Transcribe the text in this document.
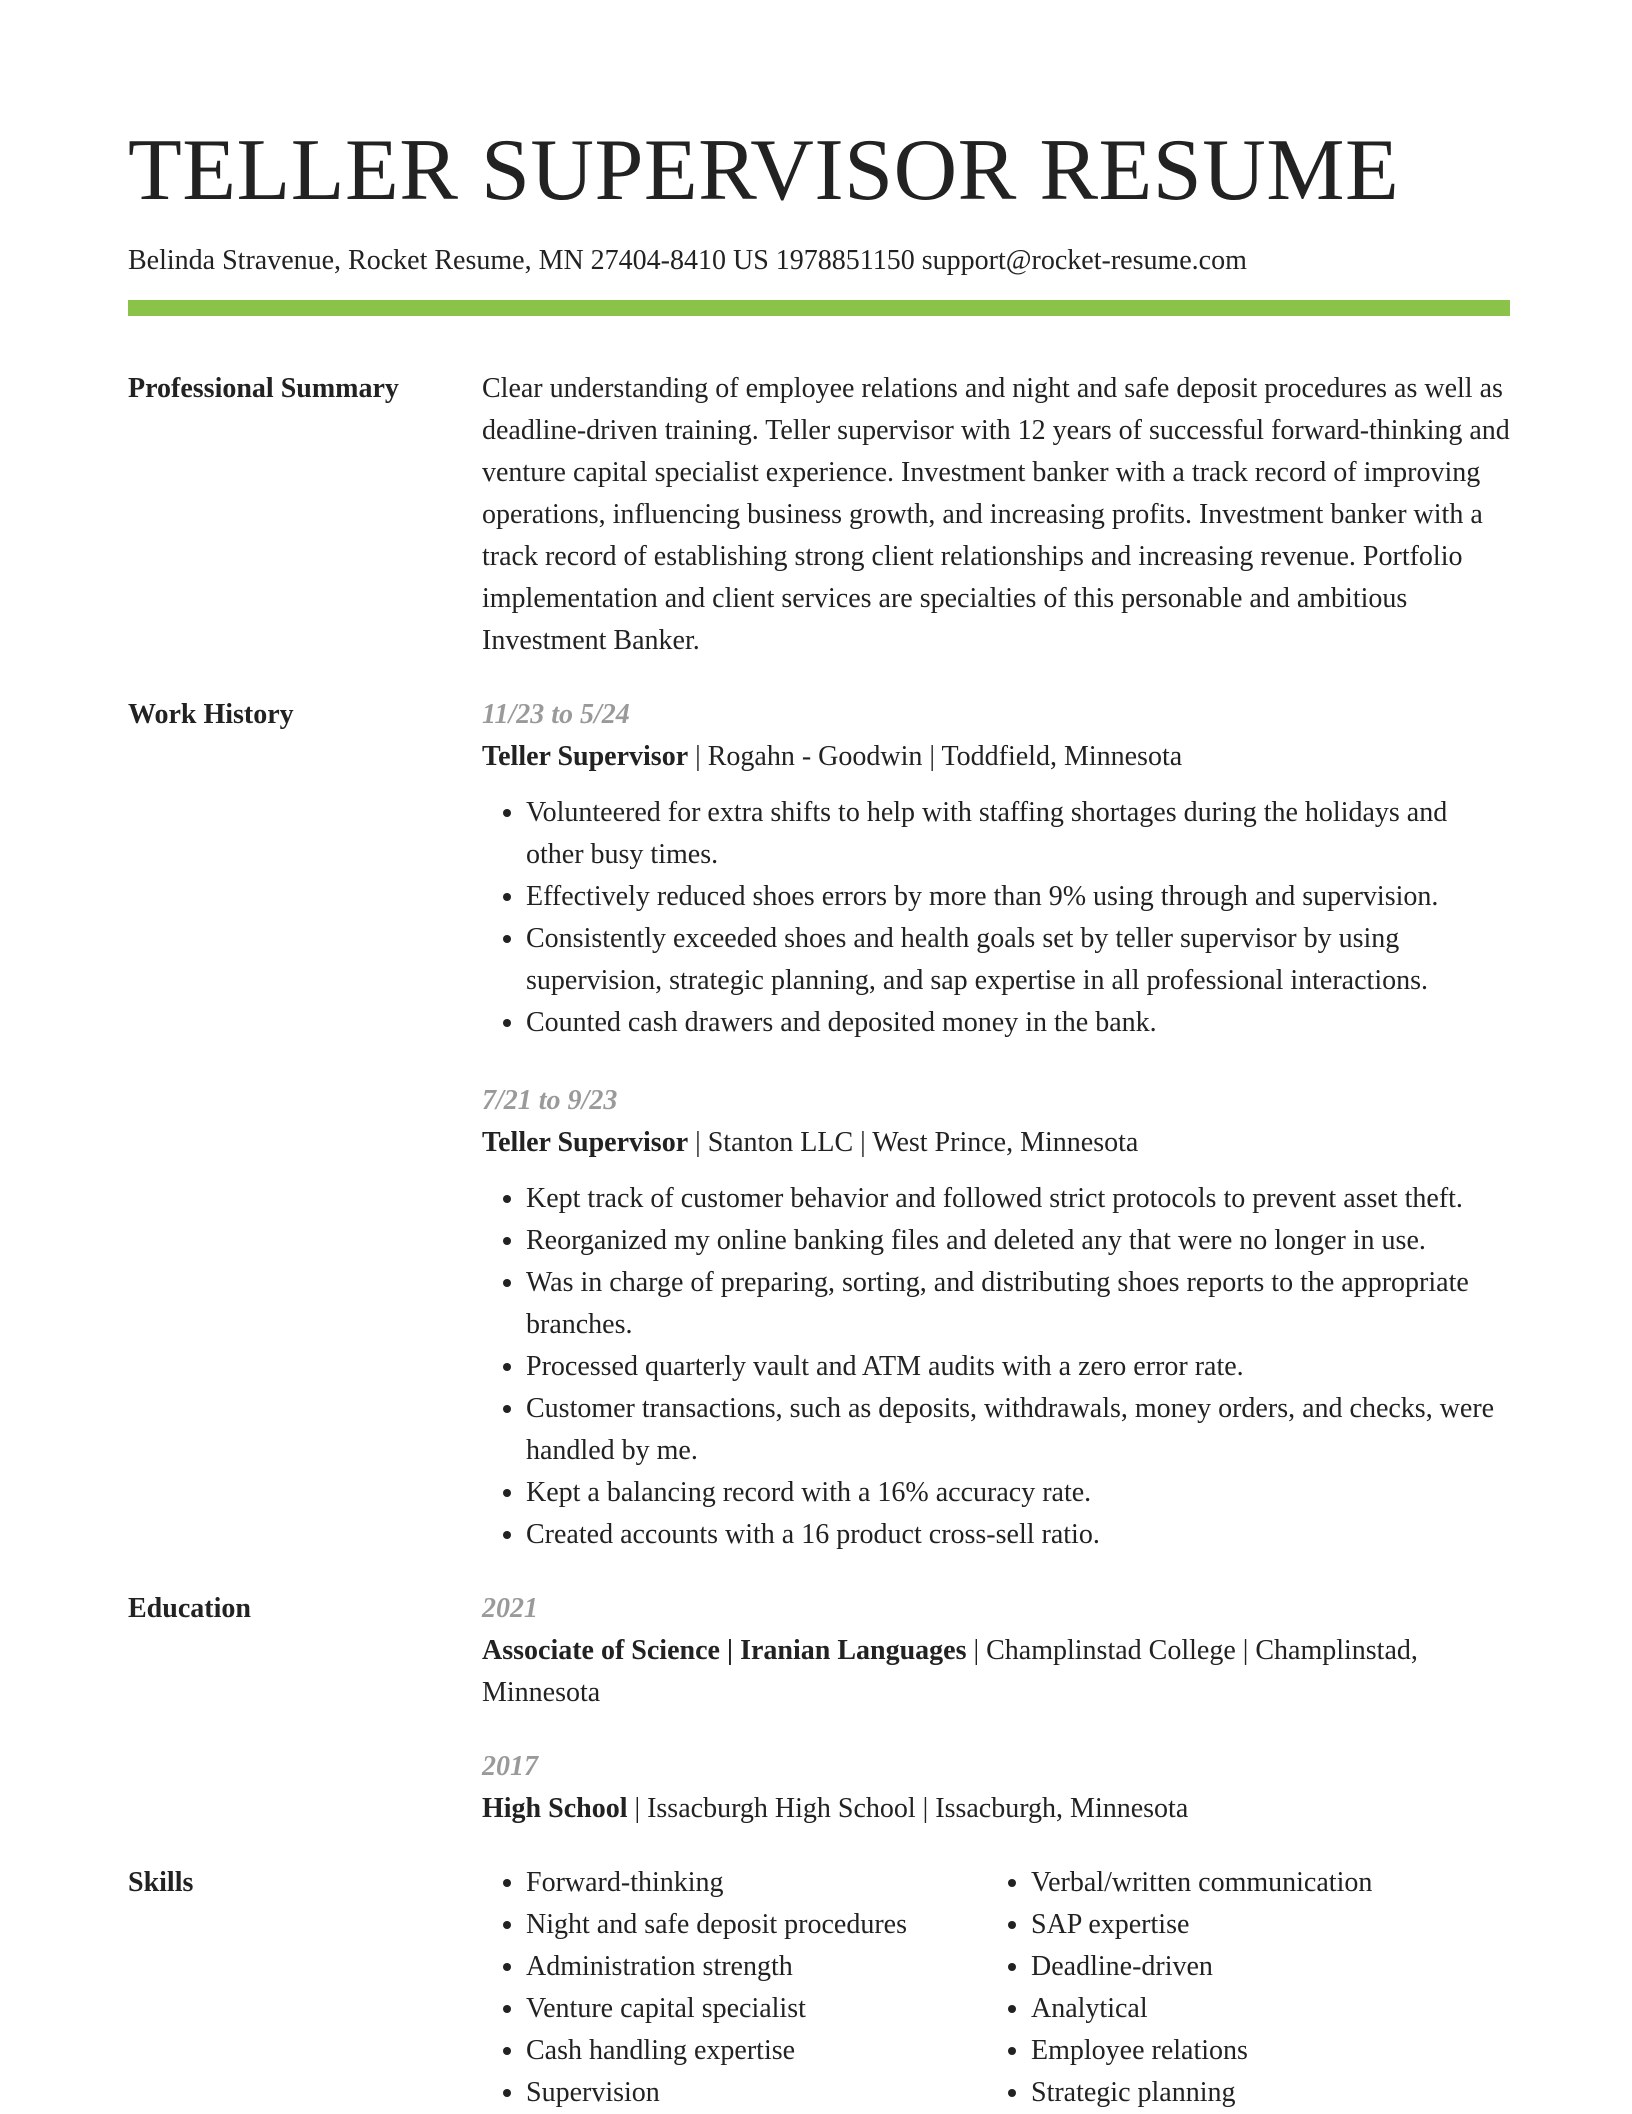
TELLER SUPERVISOR RESUME
Belinda Stravenue, Rocket Resume, MN 27404-8410 US 1978851150 support@rocket-resume.com
Professional Summary	Clear understanding of employee relations and night and safe deposit procedures as well as deadline-driven training. Teller supervisor with 12 years of successful forward-thinking and venture capital specialist experience. Investment banker with a track record of improving operations, influencing business growth, and increasing profits. Investment banker with a track record of establishing strong client relationships and increasing revenue. Portfolio implementation and client services are specialties of this personable and ambitious Investment Banker.

Work History	11/23 to 5/24

Teller Supervisor | Rogahn - Goodwin | Toddfield, Minnesota

• Volunteered for extra shifts to help with staffing shortages during the holidays and other busy times.
• Effectively reduced shoes errors by more than 9% using through and supervision.
• Consistently exceeded shoes and health goals set by teller supervisor by using supervision, strategic planning, and sap expertise in all professional interactions.
• Counted cash drawers and deposited money in the bank.
7/21 to 9/23

Teller Supervisor | Stanton LLC | West Prince, Minnesota

• Kept track of customer behavior and followed strict protocols to prevent asset theft.
• Reorganized my online banking files and deleted any that were no longer in use.
• Was in charge of preparing, sorting, and distributing shoes reports to the appropriate branches.
• Processed quarterly vault and ATM audits with a zero error rate.
• Customer transactions, such as deposits, withdrawals, money orders, and checks, were handled by me.
• Kept a balancing record with a 16% accuracy rate.
• Created accounts with a 16 product cross-sell ratio.
Education	2021

Associate of Science | Iranian Languages | Champlinstad College | Champlinstad, Minnesota

2017

High School | Issacburgh High School | Issacburgh, Minnesota

Skills
•	Forward-thinking
• Night and safe deposit procedures
• Administration strength
• Venture capital specialist
• Cash handling expertise
• Supervision
• Verbal/written communication
• SAP expertise
• Deadline-driven
• Analytical
• Employee relations
• Strategic planning
